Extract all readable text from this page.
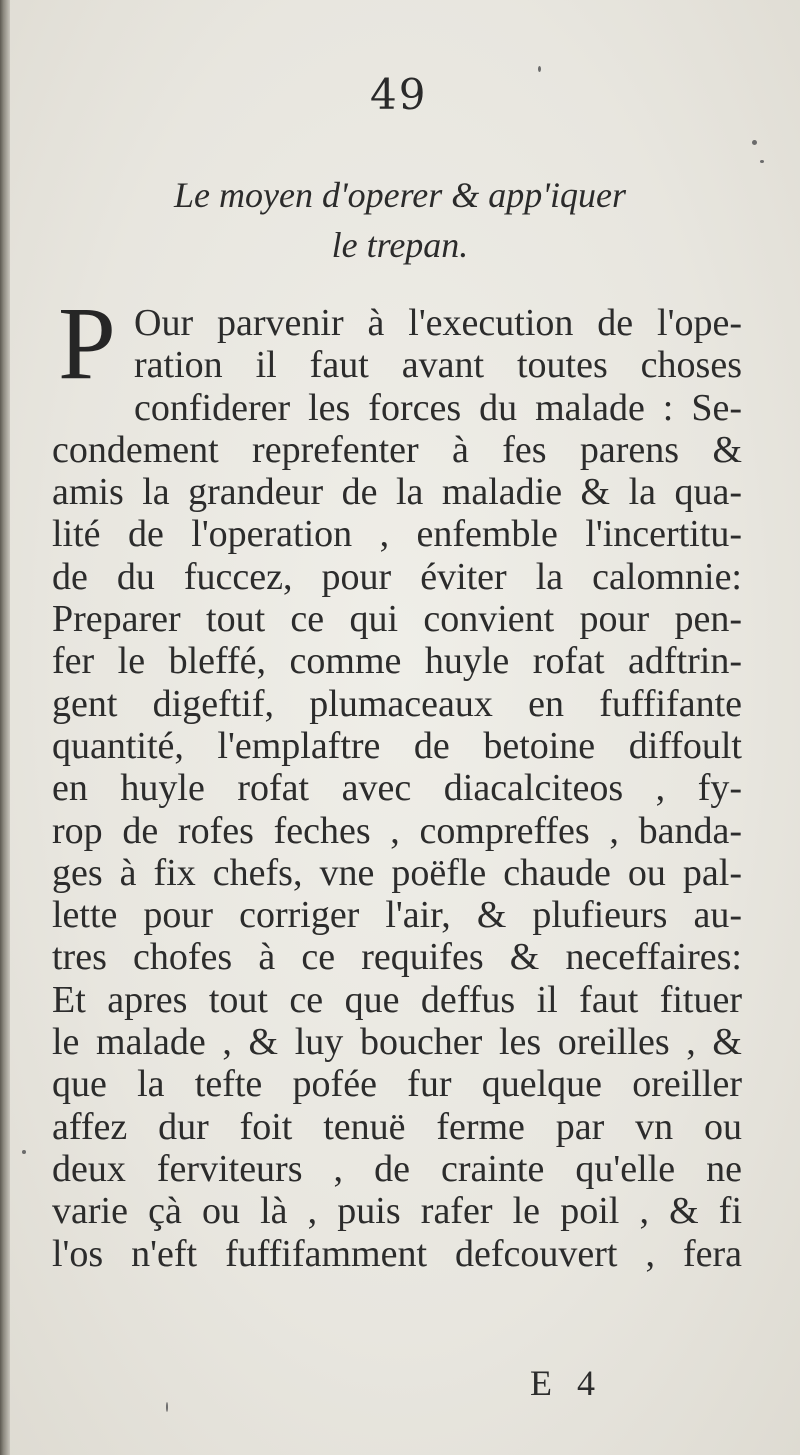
49
Le moyen d'operer & app'iquer
le trepan.
P Our parvenir à l'execution de l'ope-
ration il faut avant toutes choses
confiderer les forces du malade : Se-
condement reprefenter à fes parens &
amis la grandeur de la maladie & la qua-
lité de l'operation , enfemble l'incertitu-
de du fuccez, pour éviter la calomnie:
Preparer tout ce qui convient pour pen-
fer le bleffé, comme huyle rofat adftrin-
gent digeftif, plumaceaux en fuffifante
quantité, l'emplaftre de betoine diffoult
en huyle rofat avec diacalciteos , fy-
rop de rofes feches , compreffes , banda-
ges à fix chefs, vne poëfle chaude ou pal-
lette pour corriger l'air, & plufieurs au-
tres chofes à ce requifes & neceffaires:
Et apres tout ce que deffus il faut fituer
le malade , & luy boucher les oreilles , &
que la tefte pofée fur quelque oreiller
affez dur foit tenuë ferme par vn ou
deux ferviteurs , de crainte qu'elle ne
varie çà ou là , puis rafer le poil , & fi
l'os n'eft fuffifamment defcouvert , fera
E 4
